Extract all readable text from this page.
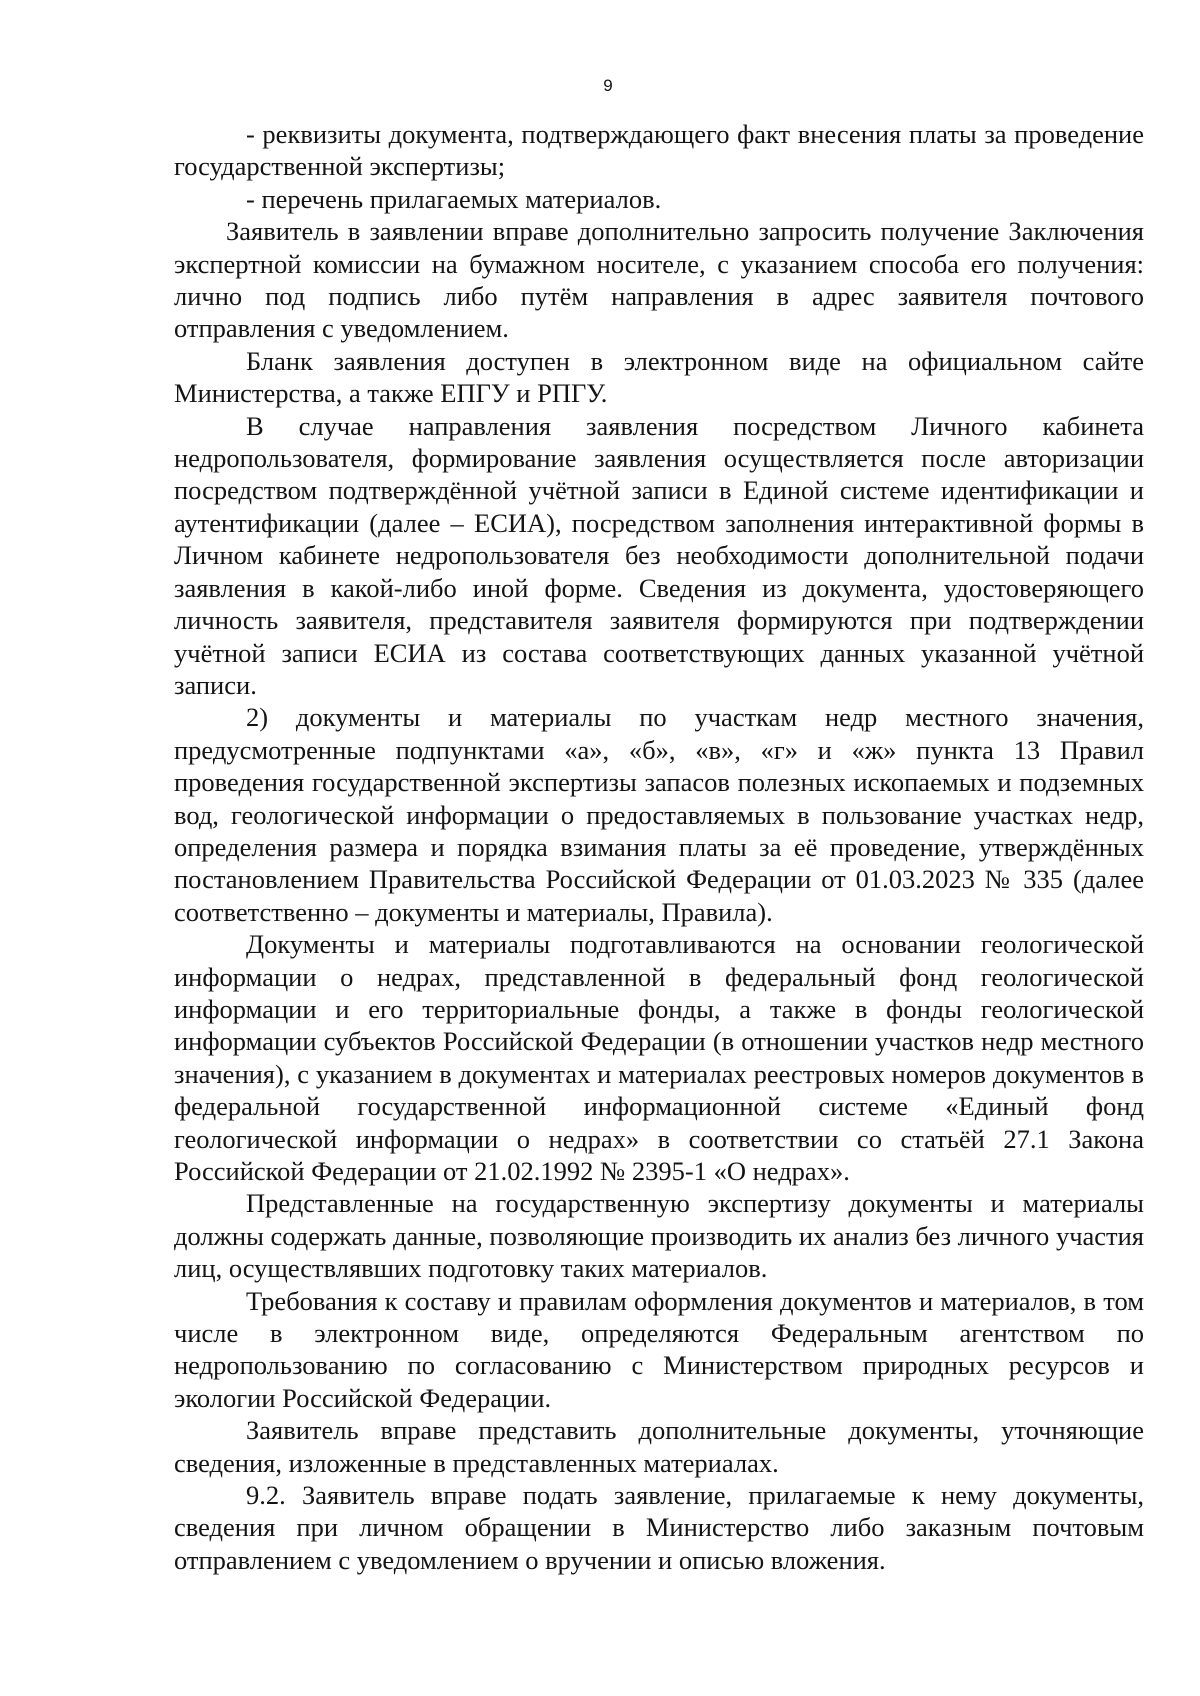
9

- реквизиты документа, подтверждающего факт внесения платы за проведение государственной экспертизы;

- перечень прилагаемых материалов.

Заявитель в заявлении вправе дополнительно запросить получение Заключения экспертной комиссии на бумажном носителе, с указанием способа его получения: лично под подпись либо путём направления в адрес заявителя почтового отправления с уведомлением.

Бланк заявления доступен в электронном виде на официальном сайте Министерства, а также ЕПГУ и РПГУ.

В случае направления заявления посредством Личного кабинета недропользователя, формирование заявления осуществляется после авторизации посредством подтверждённой учётной записи в Единой системе идентификации и аутентификации (далее – ЕСИА), посредством заполнения интерактивной формы в Личном кабинете недропользователя без необходимости дополнительной подачи заявления в какой-либо иной форме. Сведения из документа, удостоверяющего личность заявителя, представителя заявителя формируются при подтверждении учётной записи ЕСИА из состава соответствующих данных указанной учётной записи.

2) документы и материалы по участкам недр местного значения, предусмотренные подпунктами «а», «б», «в», «г» и «ж» пункта 13 Правил проведения государственной экспертизы запасов полезных ископаемых и подземных вод, геологической информации о предоставляемых в пользование участках недр, определения размера и порядка взимания платы за её проведение, утверждённых постановлением Правительства Российской Федерации от 01.03.2023 № 335 (далее соответственно – документы и материалы, Правила).

Документы и материалы подготавливаются на основании геологической информации о недрах, представленной в федеральный фонд геологической информации и его территориальные фонды, а также в фонды геологической информации субъектов Российской Федерации (в отношении участков недр местного значения), с указанием в документах и материалах реестровых номеров документов в федеральной государственной информационной системе «Единый фонд геологической информации о недрах» в соответствии со статьёй 27.1 Закона Российской Федерации от 21.02.1992 № 2395-1 «О недрах».

Представленные на государственную экспертизу документы и материалы должны содержать данные, позволяющие производить их анализ без личного участия лиц, осуществлявших подготовку таких материалов.

Требования к составу и правилам оформления документов и материалов, в том числе в электронном виде, определяются Федеральным агентством по недропользованию по согласованию с Министерством природных ресурсов и экологии Российской Федерации.

Заявитель вправе представить дополнительные документы, уточняющие сведения, изложенные в представленных материалах.

9.2. Заявитель вправе подать заявление, прилагаемые к нему документы, сведения при личном обращении в Министерство либо заказным почтовым отправлением с уведомлением о вручении и описью вложения.
